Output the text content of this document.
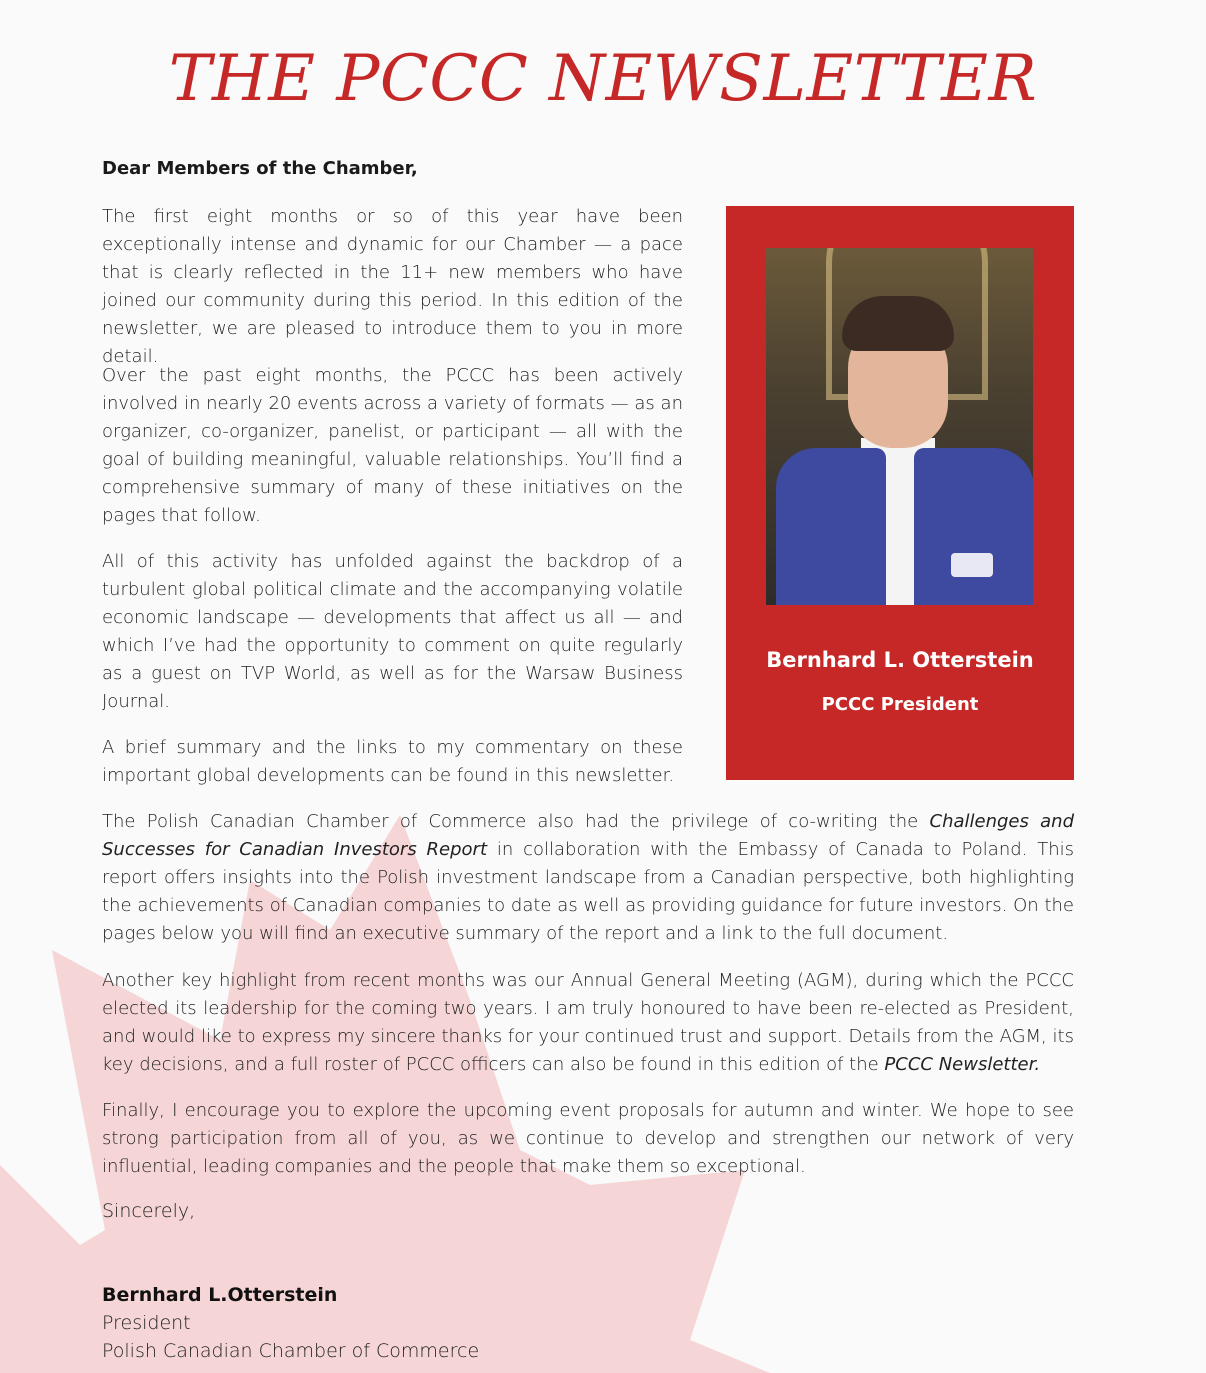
THE PCCC NEWSLETTER
Dear Members of the Chamber,

The first eight months or so of this year have been exceptionally intense and dynamic for our Chamber — a pace that is clearly reflected in the 11+ new members who have joined our community during this period. In this edition of the newsletter, we are pleased to introduce them to you in more detail.

Over the past eight months, the PCCC has been actively involved in nearly 20 events across a variety of formats — as an organizer, co-organizer, panelist, or participant — all with the goal of building meaningful, valuable relationships. You’ll find a comprehensive summary of many of these initiatives on the pages that follow.

All of this activity has unfolded against the backdrop of a turbulent global political climate and the accompanying volatile economic landscape — developments that affect us all — and which I’ve had the opportunity to comment on quite regularly as a guest on TVP World, as well as for the Warsaw Business Journal.

A brief summary and the links to my commentary on these important global developments can be found in this newsletter.

The Polish Canadian Chamber of Commerce also had the privilege of co-writing the Challenges and Successes for Canadian Investors Report in collaboration with the Embassy of Canada to Poland. This report offers insights into the Polish investment landscape from a Canadian perspective, both highlighting the achievements of Canadian companies to date as well as providing guidance for future investors. On the pages below you will find an executive summary of the report and a link to the full document.

Another key highlight from recent months was our Annual General Meeting (AGM), during which the PCCC elected its leadership for the coming two years. I am truly honoured to have been re-elected as President, and would like to express my sincere thanks for your continued trust and support. Details from the AGM, its key decisions, and a full roster of PCCC officers can also be found in this edition of the PCCC Newsletter.

Finally, I encourage you to explore the upcoming event proposals for autumn and winter. We hope to see strong participation from all of you, as we continue to develop and strengthen our network of very influential, leading companies and the people that make them so exceptional.

Sincerely,
Bernhard L.Otterstein
President
Polish Canadian Chamber of Commerce
Bernhard L. Otterstein
PCCC President
